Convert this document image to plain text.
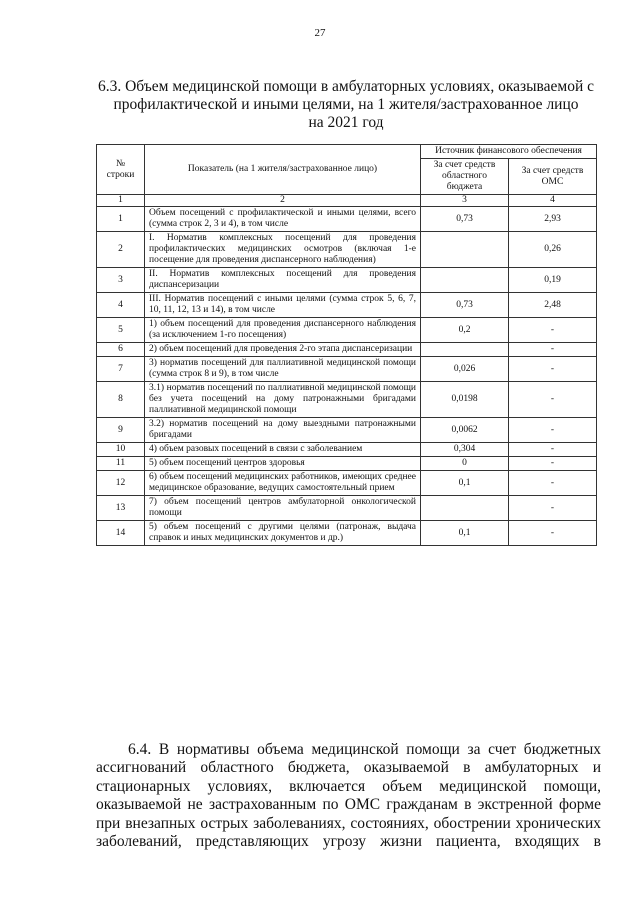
27
6.3. Объем медицинской помощи в амбулаторных условиях, оказываемой с
профилактической и иными целями, на 1 жителя/застрахованное лицо
на 2021 год
№ строки	Показатель (на 1 жителя/застрахованное лицо)	Источник финансового обеспечения	
		За счет средств областного бюджета	За счет средств ОМС
1	2	3	4
1	Объем посещений с профилактической и иными целями, всего (сумма строк 2, 3 и 4), в том числе	0,73	2,93
2	I. Норматив комплексных посещений для проведения профилактических медицинских осмотров (включая 1-е посещение для проведения диспансерного наблюдения)		0,26
3	II. Норматив комплексных посещений для проведения диспансеризации		0,19
4	III. Норматив посещений с иными целями (сумма строк 5, 6, 7, 10, 11, 12, 13 и 14), в том числе	0,73	2,48
5	1) объем посещений для проведения диспансерного наблюдения (за исключением 1-го посещения)	0,2	-
6	2) объем посещений для проведения 2-го этапа диспансеризации		-
7	3) норматив посещений для паллиативной медицинской помощи (сумма строк 8 и 9), в том числе	0,026	-
8	3.1) норматив посещений по паллиативной медицинской помощи без учета посещений на дому патронажными бригадами паллиативной медицинской помощи	0,0198	-
9	3.2) норматив посещений на дому выездными патронажными бригадами	0,0062	-
10	4) объем разовых посещений в связи с заболеванием	0,304	-
11	5) объем посещений центров здоровья	0	-
12	6) объем посещений медицинских работников, имеющих среднее медицинское образование, ведущих самостоятельный прием	0,1	-
13	7) объем посещений центров амбулаторной онкологической помощи		-
14	5) объем посещений с другими целями (патронаж, выдача справок и иных медицинских документов и др.)	0,1	-

6.4. В нормативы объема медицинской помощи за счет бюджетных ассигнований областного бюджета, оказываемой в амбулаторных и стационарных условиях, включается объем медицинской помощи, оказываемой не застрахованным по ОМС гражданам в экстренной форме при внезапных острых заболеваниях, состояниях, обострении хронических заболеваний, представляющих угрозу жизни пациента, входящих в
